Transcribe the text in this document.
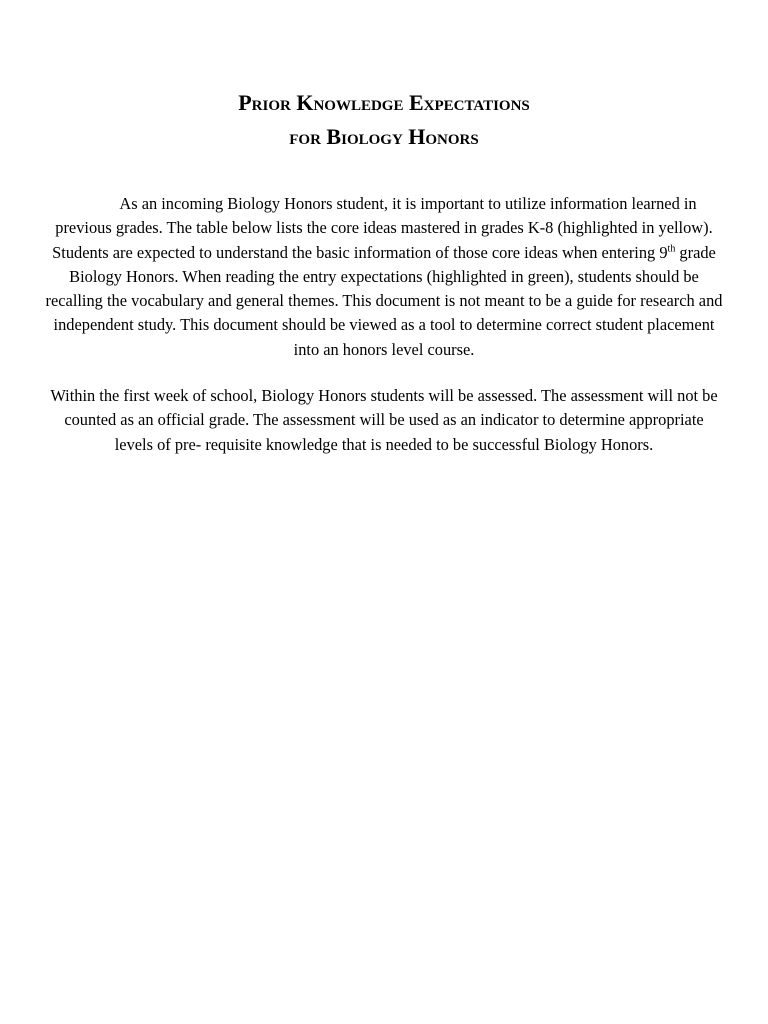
Prior Knowledge Expectations
for Biology Honors

As an incoming Biology Honors student, it is important to utilize information learned in previous grades. The table below lists the core ideas mastered in grades K-8 (highlighted in yellow). Students are expected to understand the basic information of those core ideas when entering 9th grade Biology Honors. When reading the entry expectations (highlighted in green), students should be recalling the vocabulary and general themes. This document is not meant to be a guide for research and independent study. This document should be viewed as a tool to determine correct student placement into an honors level course.

Within the first week of school, Biology Honors students will be assessed. The assessment will not be counted as an official grade. The assessment will be used as an indicator to determine appropriate levels of pre- requisite knowledge that is needed to be successful Biology Honors.
